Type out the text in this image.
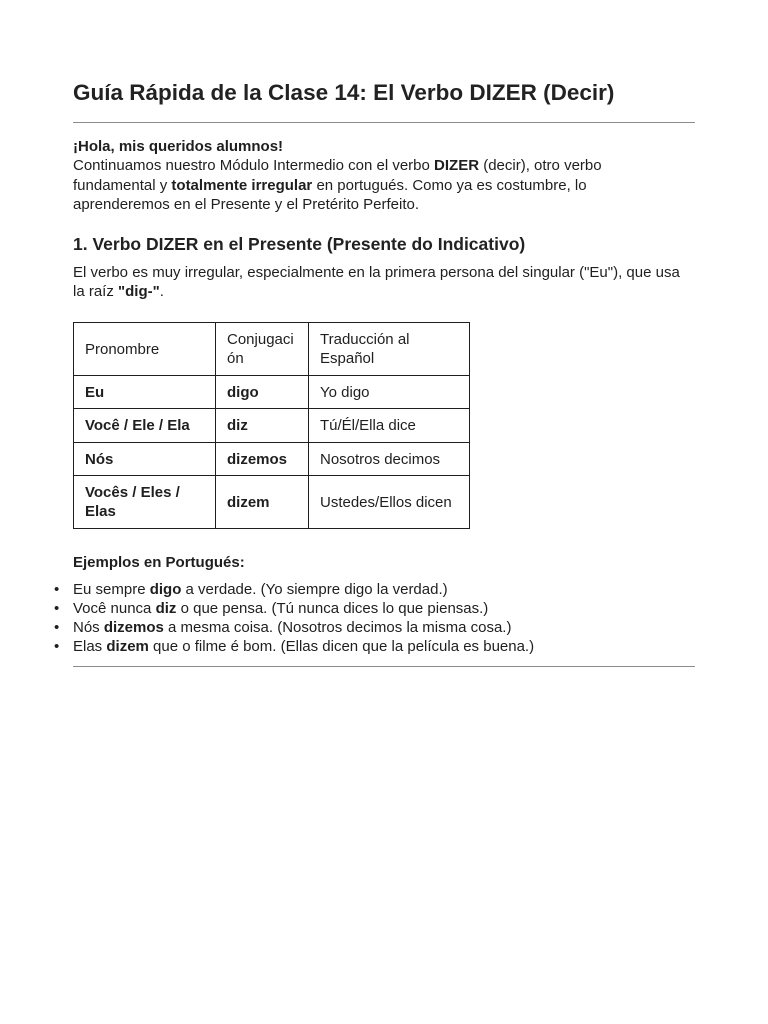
Guía Rápida de la Clase 14: El Verbo DIZER (Decir)

¡Hola, mis queridos alumnos!

Continuamos nuestro Módulo Intermedio con el verbo DIZER (decir), otro verbo fundamental y totalmente irregular en portugués. Como ya es costumbre, lo aprenderemos en el Presente y el Pretérito Perfeito.

1. Verbo DIZER en el Presente (Presente do Indicativo)

El verbo es muy irregular, especialmente en la primera persona del singular ("Eu"), que usa la raíz "dig-".

Pronombre	Conjugaci ón	Traducción al Español
Eu	digo	Yo digo
Você / Ele / Ela	diz	Tú/Él/Ella dice
Nós	dizemos	Nosotros decimos
Vocês / Eles / Elas	dizem	Ustedes/Ellos dicen

Ejemplos en Portugués:

• Eu sempre digo a verdade. (Yo siempre digo la verdad.)
• Você nunca diz o que pensa. (Tú nunca dices lo que piensas.)
• Nós dizemos a mesma coisa. (Nosotros decimos la misma cosa.)
• Elas dizem que o filme é bom. (Ellas dicen que la película es buena.)
